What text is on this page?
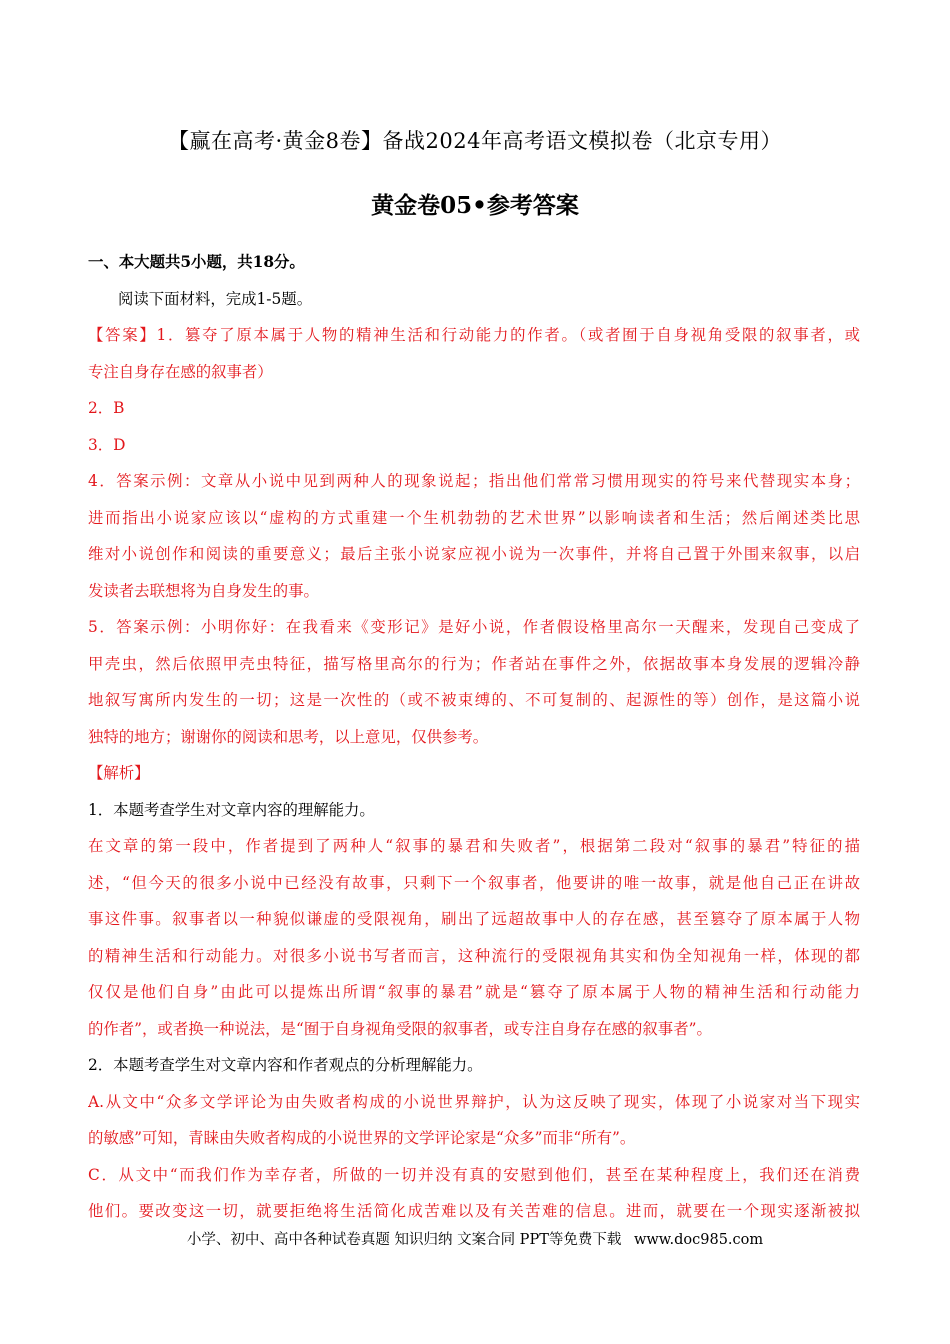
【赢在高考·黄金8卷】备战2024年高考语文模拟卷（北京专用）
黄金卷05•参考答案
一、本大题共5小题，共18分。
阅读下面材料，完成1-5题。
【答案】1．篡夺了原本属于人物的精神生活和行动能力的作者。（或者囿于自身视角受限的叙事者，或
专注自身存在感的叙事者）
2．B
3．D
4．答案示例：文章从小说中见到两种人的现象说起；指出他们常常习惯用现实的符号来代替现实本身；
进而指出小说家应该以“虚构的方式重建一个生机勃勃的艺术世界”以影响读者和生活；然后阐述类比思
维对小说创作和阅读的重要意义；最后主张小说家应视小说为一次事件，并将自己置于外围来叙事，以启
发读者去联想将为自身发生的事。
5．答案示例：小明你好：在我看来《变形记》是好小说，作者假设格里高尔一天醒来，发现自己变成了
甲壳虫，然后依照甲壳虫特征，描写格里高尔的行为；作者站在事件之外，依据故事本身发展的逻辑冷静
地叙写寓所内发生的一切；这是一次性的（或不被束缚的、不可复制的、起源性的等）创作，是这篇小说
独特的地方；谢谢你的阅读和思考，以上意见，仅供参考。
【解析】
1．本题考查学生对文章内容的理解能力。
在文章的第一段中，作者提到了两种人“叙事的暴君和失败者”，根据第二段对“叙事的暴君”特征的描
述，“但今天的很多小说中已经没有故事，只剩下一个叙事者，他要讲的唯一故事，就是他自己正在讲故
事这件事。叙事者以一种貌似谦虚的受限视角，刷出了远超故事中人的存在感，甚至篡夺了原本属于人物
的精神生活和行动能力。对很多小说书写者而言，这种流行的受限视角其实和伪全知视角一样，体现的都
仅仅是他们自身”由此可以提炼出所谓“叙事的暴君”就是“篡夺了原本属于人物的精神生活和行动能力
的作者”，或者换一种说法，是“囿于自身视角受限的叙事者，或专注自身存在感的叙事者”。
2．本题考查学生对文章内容和作者观点的分析理解能力。
A.从文中“众多文学评论为由失败者构成的小说世界辩护，认为这反映了现实，体现了小说家对当下现实
的敏感”可知，青睐由失败者构成的小说世界的文学评论家是“众多”而非“所有”。
C．从文中“而我们作为幸存者，所做的一切并没有真的安慰到他们，甚至在某种程度上，我们还在消费
他们。要改变这一切，就要拒绝将生活简化成苦难以及有关苦难的信息。进而，就要在一个现实逐渐被拟
小学、初中、高中各种试卷真题 知识归纳 文案合同 PPT等免费下载 www.doc985.com
